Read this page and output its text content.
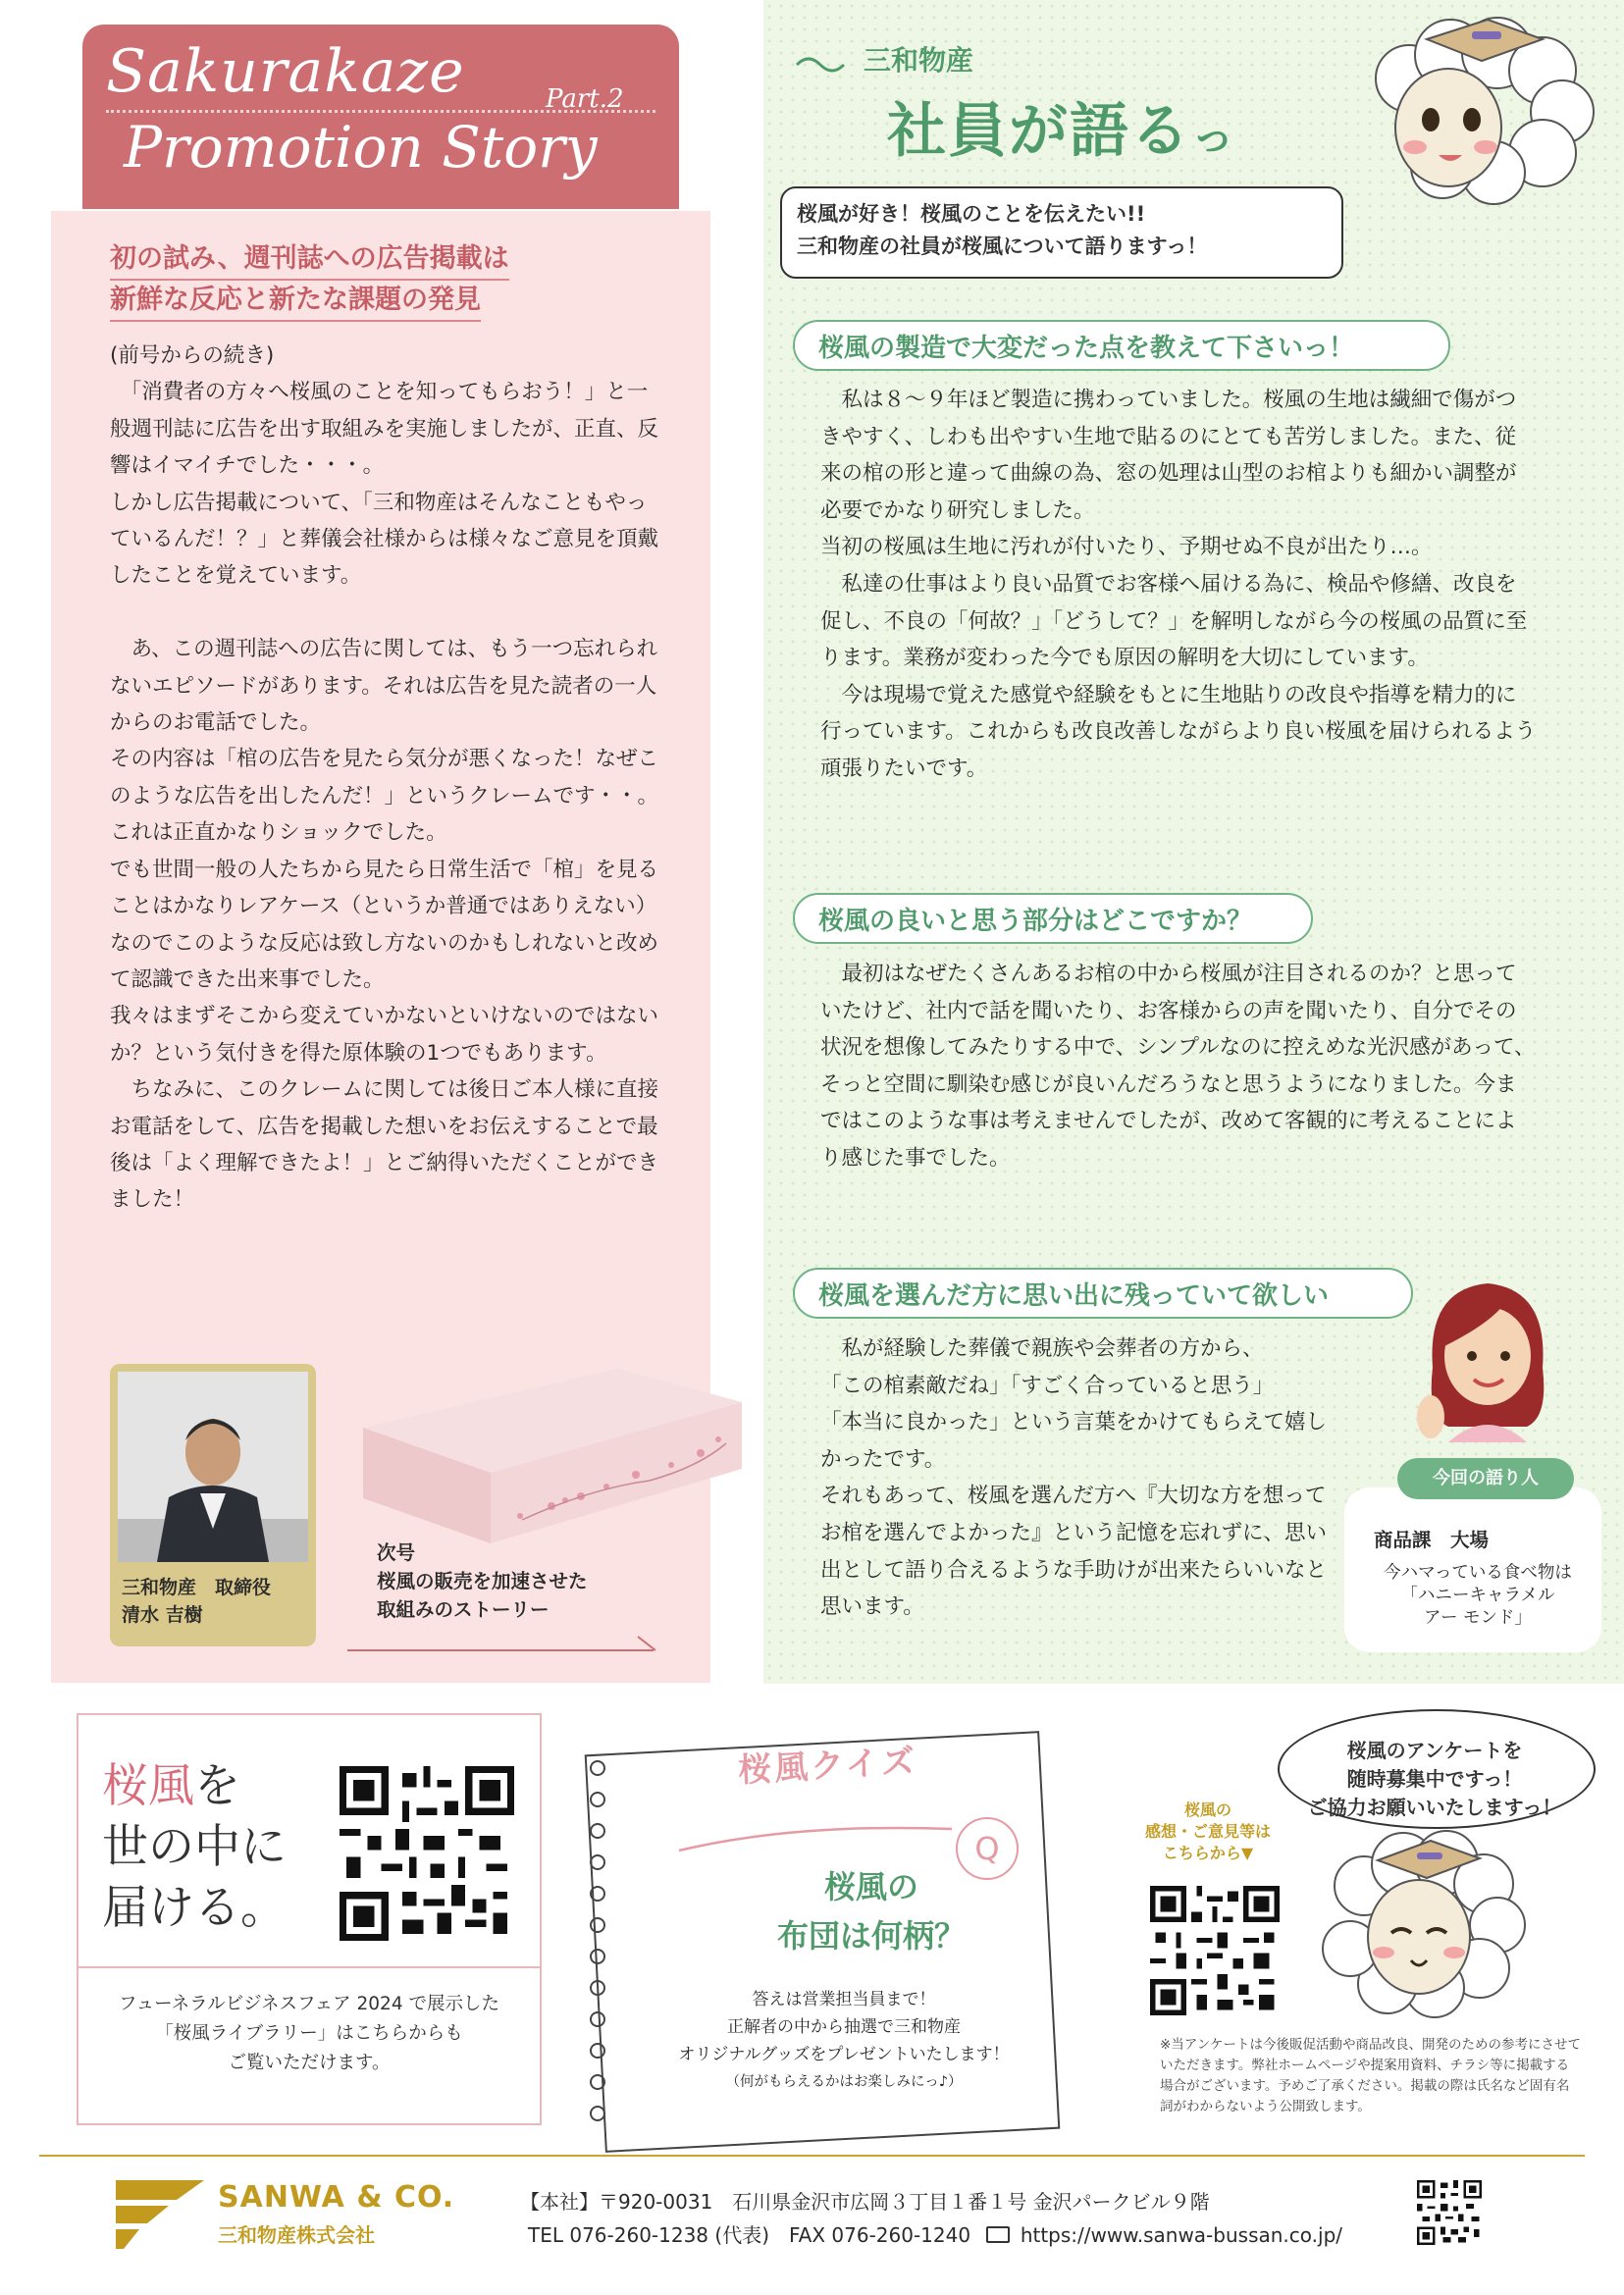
Sakurakaze	Part.2
Promotion Story
初の試み、週刊誌への広告掲載は
新鮮な反応と新たな課題の発見

(前号からの続き)

　「消費者の方々へ桜風のことを知ってもらおう！」と一般週刊誌に広告を出す取組みを実施しましたが、正直、反響はイマイチでした・・・。

しかし広告掲載について、「三和物産はそんなこともやっているんだ！？」と葬儀会社様からは様々なご意見を頂戴したことを覚えています。

　あ、この週刊誌への広告に関しては、もう一つ忘れられないエピソードがあります。それは広告を見た読者の一人からのお電話でした。

その内容は「棺の広告を見たら気分が悪くなった！なぜこのような広告を出したんだ！」というクレームです・・。これは正直かなりショックでした。

でも世間一般の人たちから見たら日常生活で「棺」を見ることはかなりレアケース（というか普通ではありえない）なのでこのような反応は致し方ないのかもしれないと改めて認識できた出来事でした。

我々はまずそこから変えていかないといけないのではないか？という気付きを得た原体験の1つでもあります。

　ちなみに、このクレームに関しては後日ご本人様に直接お電話をして、広告を掲載した想いをお伝えすることで最後は「よく理解できたよ！」とご納得いただくことができました！

三和物産　取締役
清水 吉樹
次号
桜風の販売を加速させた
取組みのストーリー
三和物産
社員が語るっ
桜風が好き！桜風のことを伝えたい!!
三和物産の社員が桜風について語りますっ！
桜風の製造で大変だった点を教えて下さいっ！

　私は８～９年ほど製造に携わっていました。桜風の生地は繊細で傷がつきやすく、しわも出やすい生地で貼るのにとても苦労しました。また、従来の棺の形と違って曲線の為、窓の処理は山型のお棺よりも細かい調整が必要でかなり研究しました。

当初の桜風は生地に汚れが付いたり、予期せぬ不良が出たり…。

　私達の仕事はより良い品質でお客様へ届ける為に、検品や修繕、改良を促し、不良の「何故？」「どうして？」を解明しながら今の桜風の品質に至ります。業務が変わった今でも原因の解明を大切にしています。

　今は現場で覚えた感覚や経験をもとに生地貼りの改良や指導を精力的に行っています。これからも改良改善しながらより良い桜風を届けられるよう頑張りたいです。

桜風の良いと思う部分はどこですか？

　最初はなぜたくさんあるお棺の中から桜風が注目されるのか？と思っていたけど、社内で話を聞いたり、お客様からの声を聞いたり、自分でその状況を想像してみたりする中で、シンプルなのに控えめな光沢感があって、そっと空間に馴染む感じが良いんだろうなと思うようになりました。今まではこのような事は考えませんでしたが、改めて客観的に考えることにより感じた事でした。

桜風を選んだ方に思い出に残っていて欲しい

　私が経験した葬儀で親族や会葬者の方から、

「この棺素敵だね」「すごく合っていると思う」

「本当に良かった」という言葉をかけてもらえて嬉しかったです。

それもあって、桜風を選んだ方へ『大切な方を想ってお棺を選んでよかった』という記憶を忘れずに、思い出として語り合えるような手助けが出来たらいいなと思います。

今回の語り人
商品課　大場
今ハマっている食べ物は
「ハニーキャラメル
アー モンド」
桜風を
世の中に
届ける。
フューネラルビジネスフェア 2024 で展示した
「桜風ライブラリー」はこちらからも
ご覧いただけます。
桜風クイズ
Q
桜風の
布団は何柄？
答えは営業担当員まで！
正解者の中から抽選で三和物産
オリジナルグッズをプレゼントいたします！
（何がもらえるかはお楽しみにっ♪）
桜風の
感想・ご意見等は
こちらから▼
桜風のアンケートを
随時募集中ですっ！
ご協力お願いいたしますっ！
※当アンケートは今後販促活動や商品改良、開発のための参考にさせていただきます。弊社ホームページや提案用資料、チラシ等に掲載する場合がございます。予めご了承ください。掲載の際は氏名など固有名詞がわからないよう公開致します。
SANWA & CO.
三和物産株式会社
【本社】〒920-0031　石川県金沢市広岡３丁目１番１号 金沢パークビル９階
TEL 076-260-1238 (代表)　FAX 076-260-1240	https://www.sanwa-bussan.co.jp/
